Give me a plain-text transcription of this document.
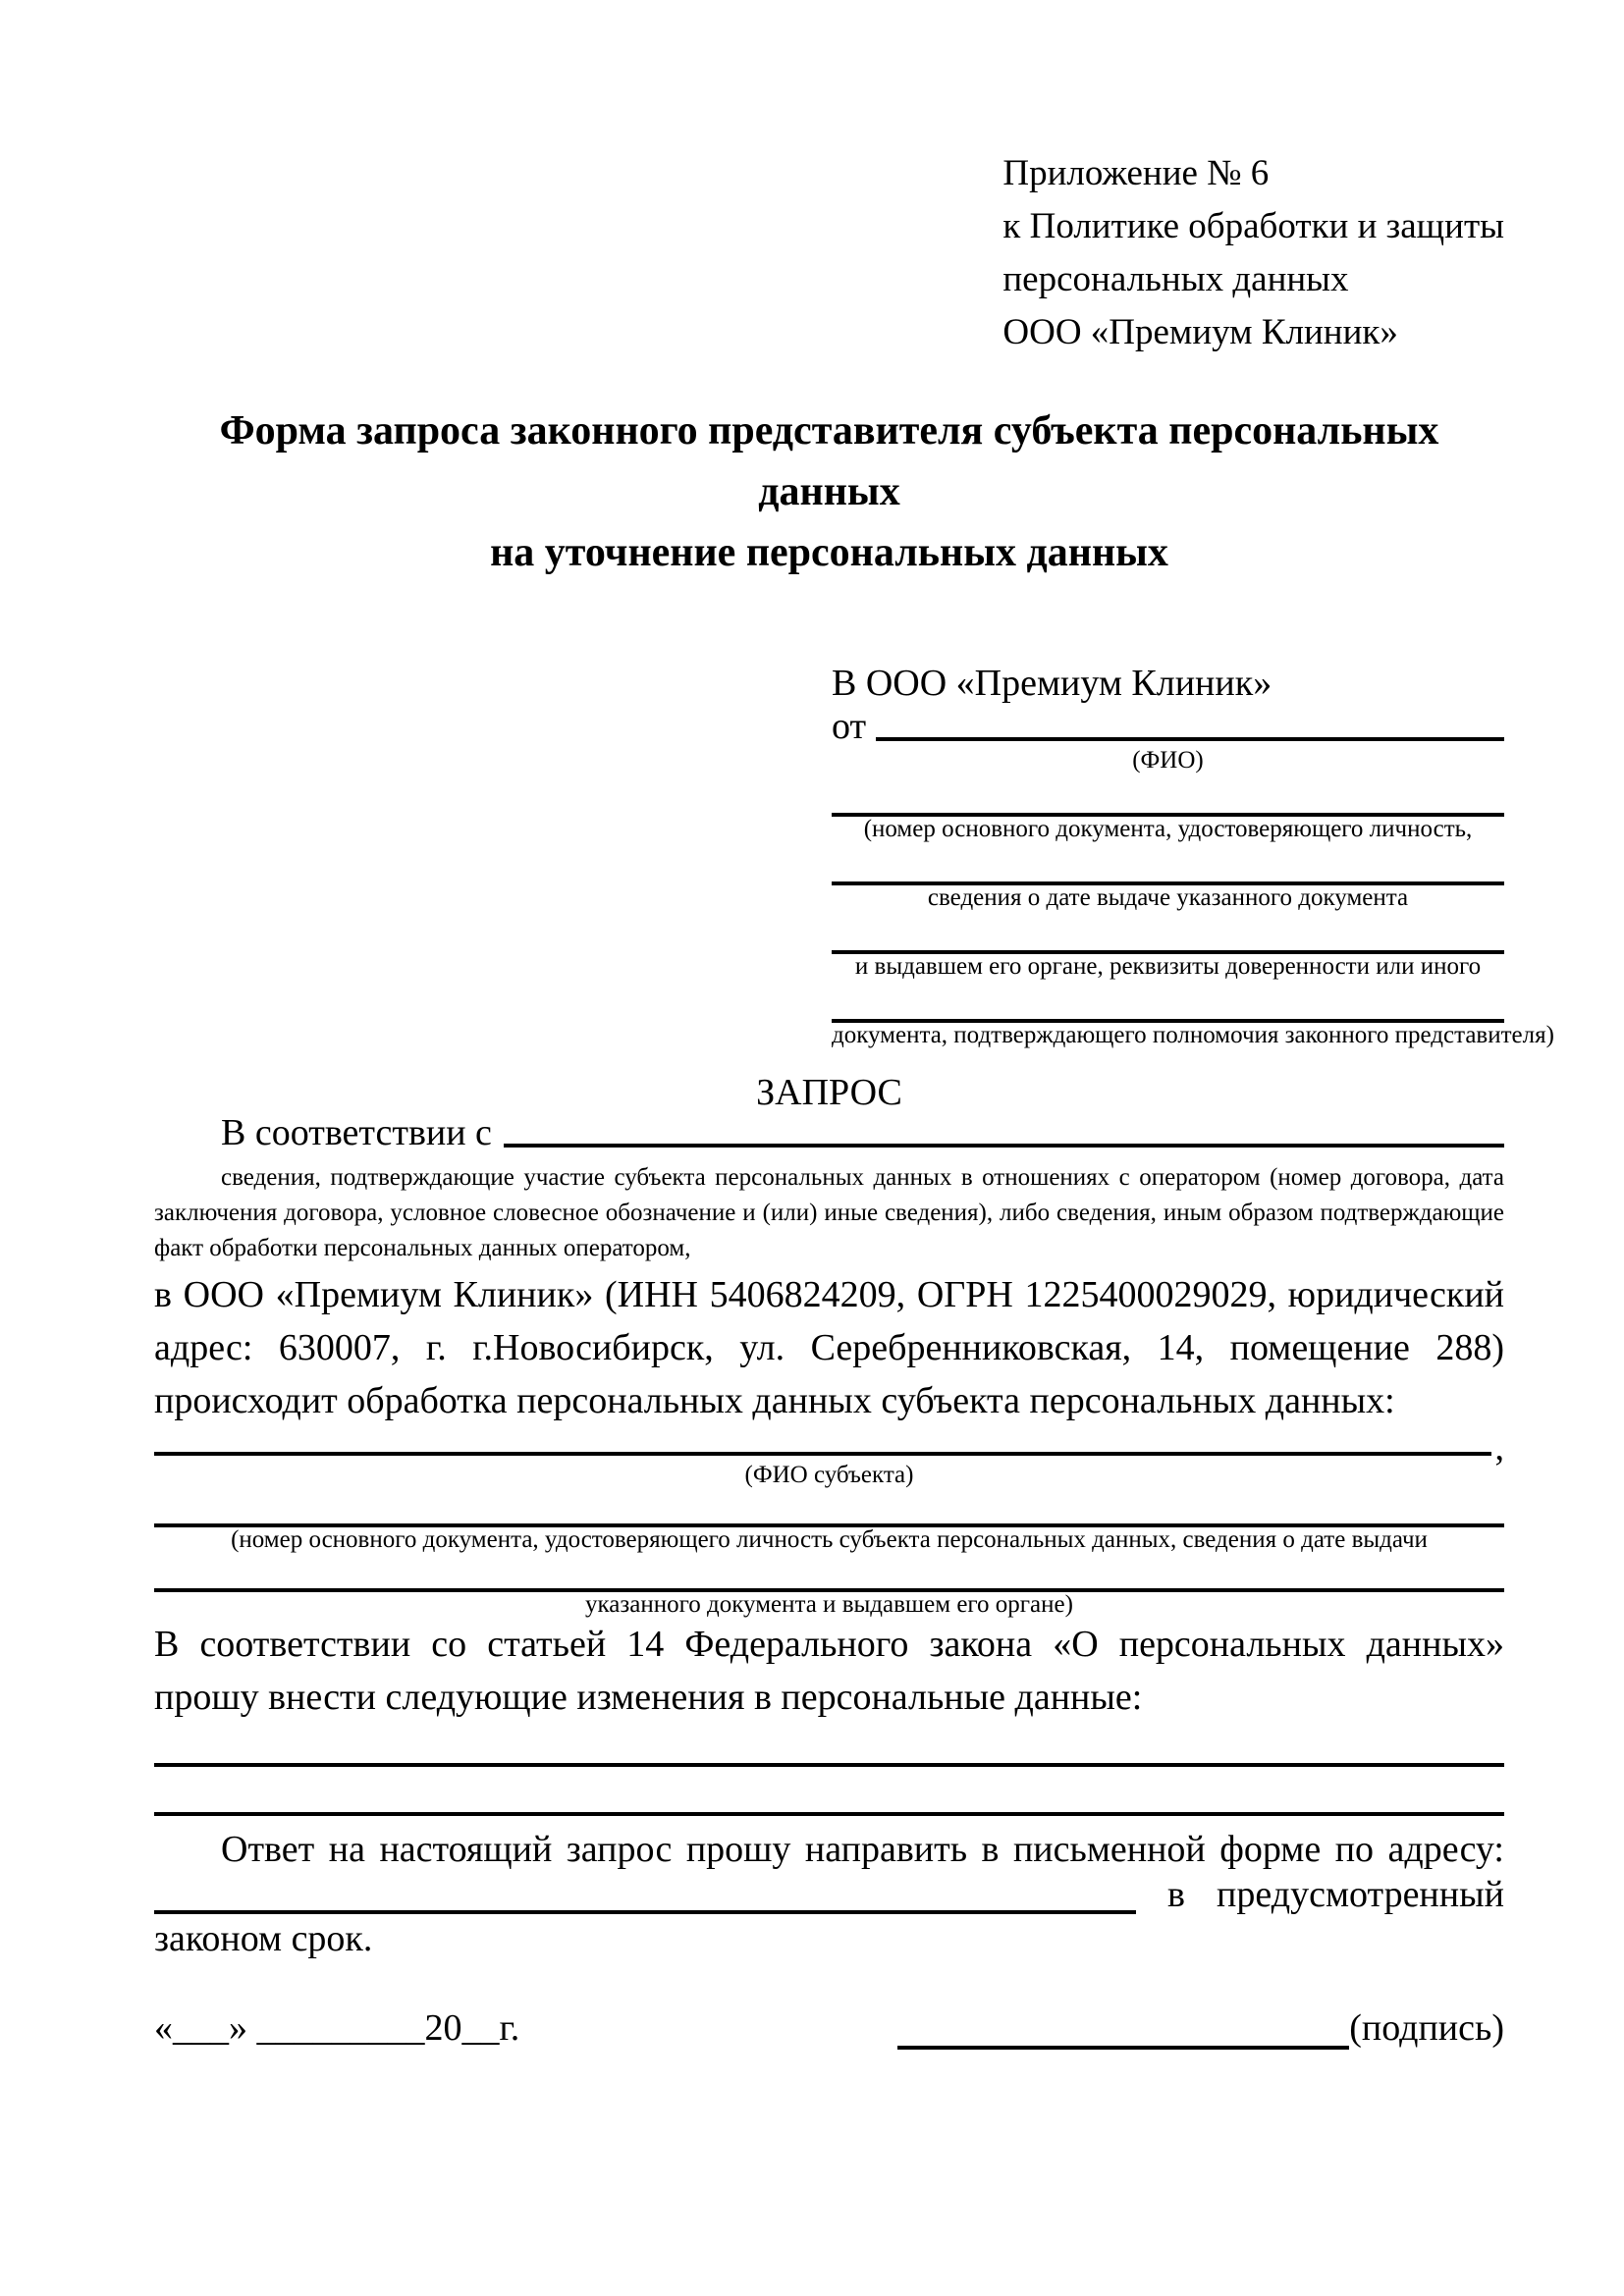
Приложение № 6
к Политике обработки и защиты
персональных данных
ООО «Премиум Клиник»
Форма запроса законного представителя субъекта персональных данных
на уточнение персональных данных
В ООО «Премиум Клиник»
от
(ФИО)
(номер основного документа, удостоверяющего личность,
сведения о дате выдаче указанного документа
и выдавшем его органе, реквизиты доверенности или иного
документа, подтверждающего полномочия законного представителя)
ЗАПРОС
В соответствии с
сведения, подтверждающие участие субъекта персональных данных в отношениях с оператором (номер договора, дата заключения договора, условное словесное обозначение и (или) иные сведения), либо сведения, иным образом подтверждающие факт обработки персональных данных оператором,
в ООО «Премиум Клиник» (ИНН 5406824209, ОГРН 1225400029029, юридический адрес: 630007, г. г.Новосибирск, ул. Серебренниковская, 14, помещение 288) происходит обработка персональных данных субъекта персональных данных:
,
(ФИО субъекта)
(номер основного документа, удостоверяющего личность субъекта персональных данных, сведения о дате выдачи
указанного документа и выдавшем его органе)
В соответствии со статьей 14 Федерального закона «О персональных данных» прошу внести следующие изменения в персональные данные:
Ответ на настоящий запрос прошу направить в письменной форме по адресу:
в предусмотренный
законом срок.
«___» _________20__г.	(подпись)
